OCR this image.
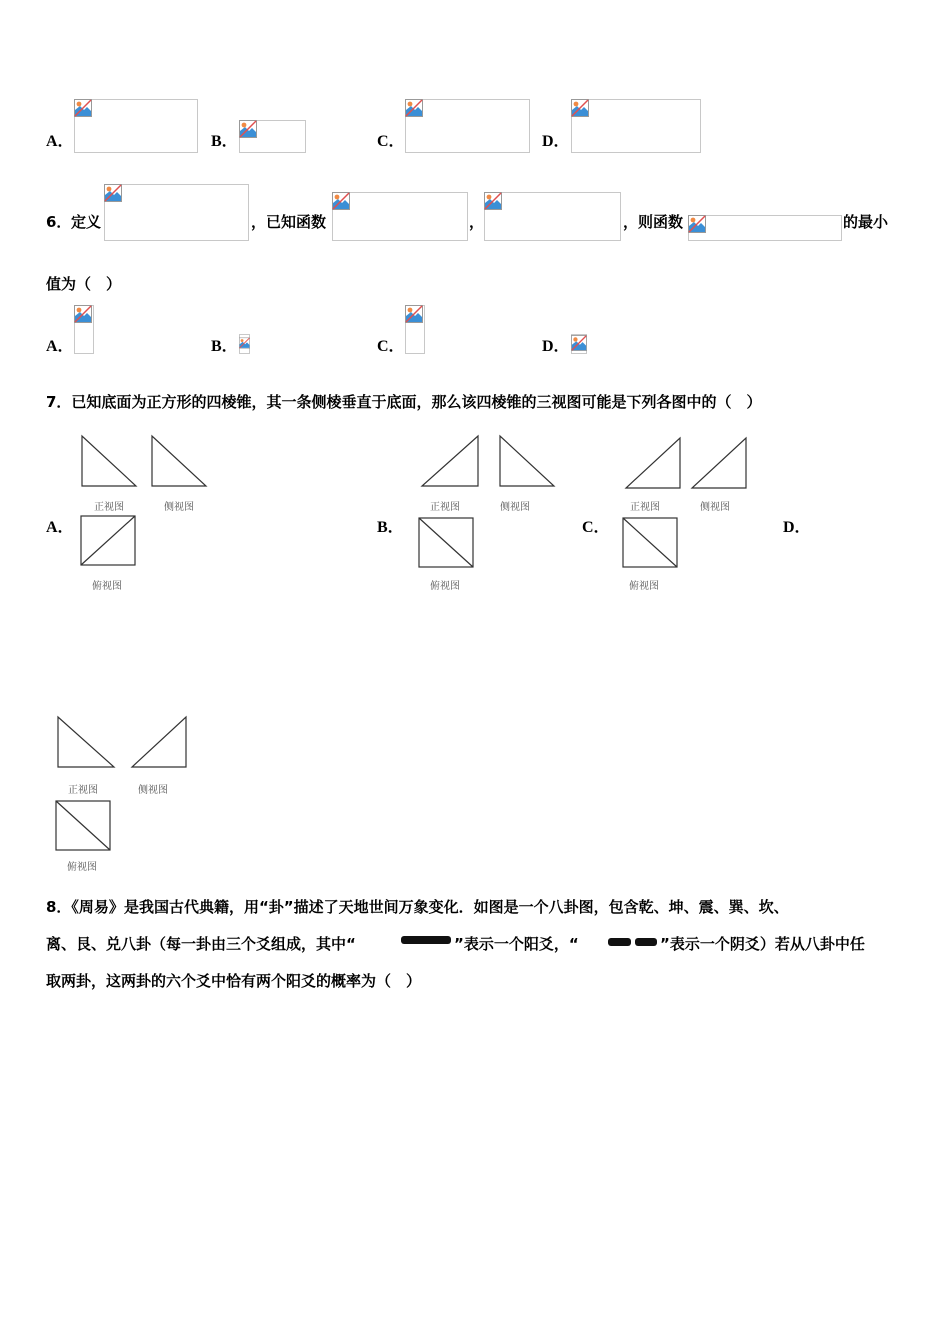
A．	B．	C．	D．
6． 定义	，已知函数	，	，则函数	的最小
值为（　）
A．	B．	C．	D．
7．已知底面为正方形的四棱锥，其一条侧棱垂直于底面，那么该四棱锥的三视图可能是下列各图中的（　）
A．
正视图	侧视图
俯视图
B．
正视图	侧视图
俯视图
C．
正视图	侧视图
俯视图
D．
正视图	侧视图
俯视图
8．《周易》是我国古代典籍，用“卦”描述了天地世间万象变化．如图是一个八卦图，包含乾、坤、震、巽、坎、
离、艮、兑八卦（每一卦由三个爻组成，其中“	”表示一个阳爻，“	”表示一个阴爻）若从八卦中任
取两卦，这两卦的六个爻中恰有两个阳爻的概率为（　）
